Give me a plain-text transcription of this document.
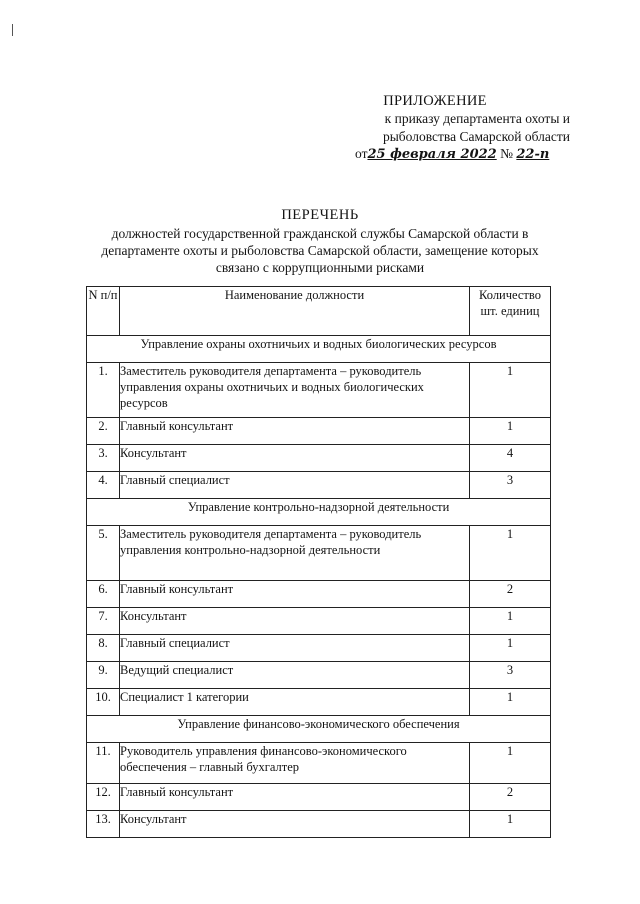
ПРИЛОЖЕНИЕ
к приказу департамента охоты и
рыболовства Самарской области
от25 февраля 2022 № 22-п
ПЕРЕЧЕНЬ
должностей государственной гражданской службы Самарской области в
департаменте охоты и рыболовства Самарской области, замещение которых
связано с коррупционными рисками
N п/п	Наименование должности	Количество шт. единиц
Управление охраны охотничьих и водных биологических ресурсов		
1.	Заместитель руководителя департамента – руководитель управления охраны охотничьих и водных биологических ресурсов	1
2.	Главный консультант	1
3.	Консультант	4
4.	Главный специалист	3
Управление контрольно-надзорной деятельности		
5.	Заместитель руководителя департамента – руководитель управления контрольно-надзорной деятельности	1
6.	Главный консультант	2
7.	Консультант	1
8.	Главный специалист	1
9.	Ведущий специалист	3
10.	Специалист 1 категории	1
Управление финансово-экономического обеспечения		
11.	Руководитель управления финансово-экономического обеспечения – главный бухгалтер	1
12.	Главный консультант	2
13.	Консультант	1
